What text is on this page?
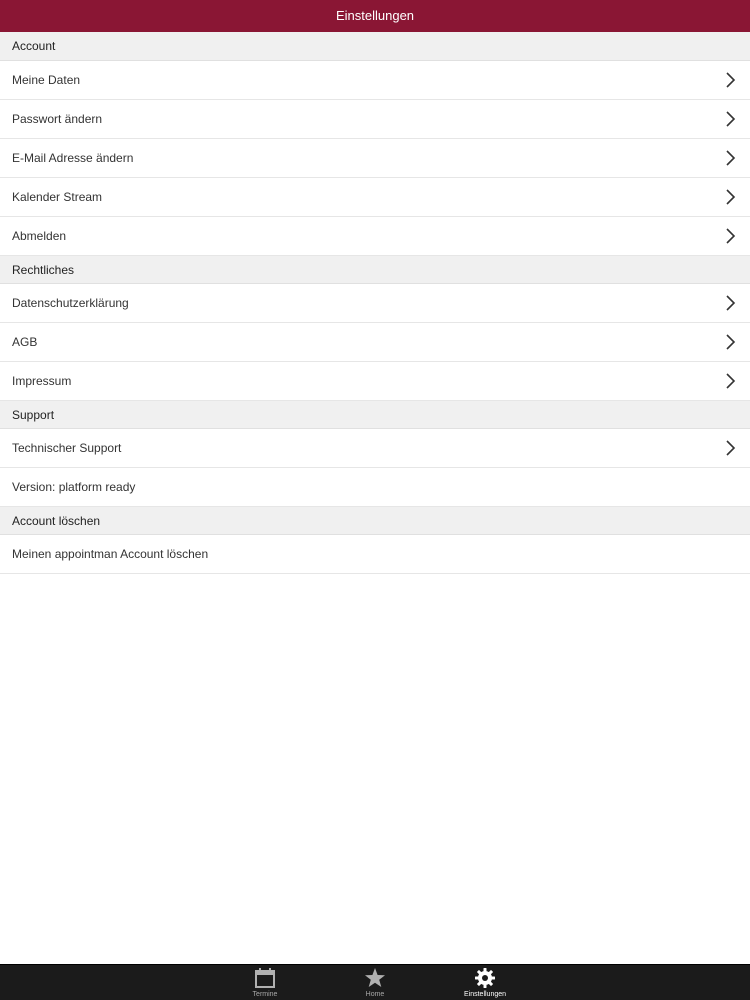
Einstellungen
Account
Meine Daten
Passwort ändern
E-Mail Adresse ändern
Kalender Stream
Abmelden
Rechtliches
Datenschutzerklärung
AGB
Impressum
Support
Technischer Support
Version: platform ready
Account löschen
Meinen appointman Account löschen
Termine	Home	Einstellungen
